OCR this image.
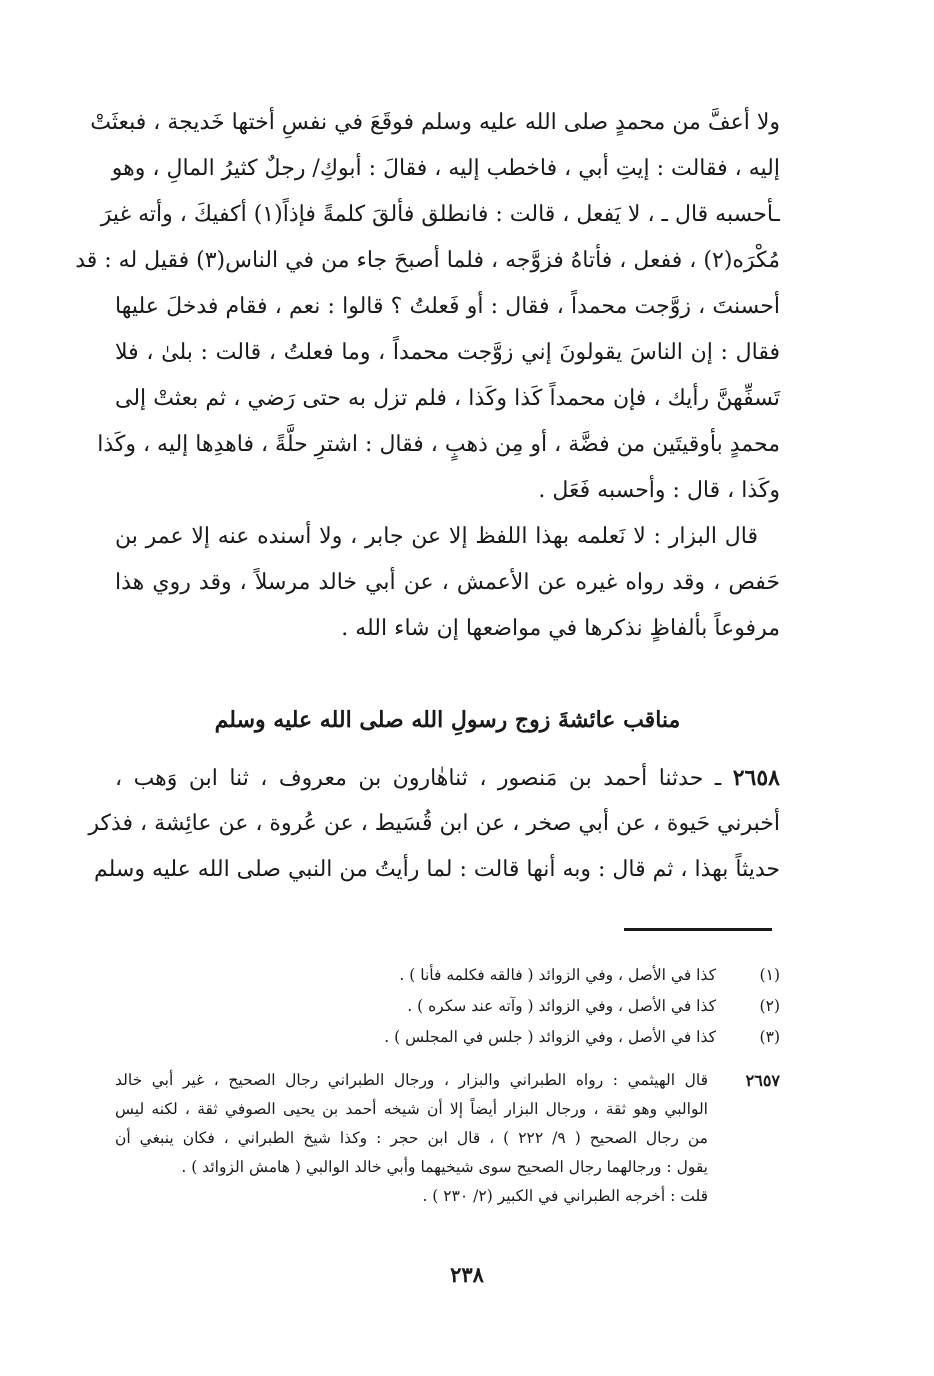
ولا أعفَّ من محمدٍ صلى الله عليه وسلم فوقَعَ في نفسِ أختها خَديجة ، فبعثَتْ
إليه ، فقالت : إيتِ أبي ، فاخطب إليه ، فقالَ : أبوكِ/ رجلٌ كثيرُ المالِ ، وهو
ـأحسبه قال ـ ، لا يَفعل ، قالت : فانطلق فألقَ كلمةً فإذاً(١) أكفيكَ ، وأته غيرَ
مُكْرَه(٢) ، ففعل ، فأتاهُ فزوَّجه ، فلما أصبحَ جاء من في الناس(٣) فقيل له : قد
أحسنتَ ، زوَّجت محمداً ، فقال : أو فَعلتُ ؟ قالوا : نعم ، فقام فدخلَ عليها
فقال : إن الناسَ يقولونَ إني زوَّجت محمداً ، وما فعلتُ ، قالت : بلىٰ ، فلا
تَسفِّهنَّ رأيك ، فإن محمداً كَذا وكَذا ، فلم تزل به حتى رَضي ، ثم بعثتْ إلى
محمدٍ بأوقيتَين من فضَّة ، أو مِن ذهبٍ ، فقال : اشترِ حلَّةً ، فاهدِها إليه ، وكَذا
وكَذا ، قال : وأحسبه فَعَل .
قال البزار : لا نَعلمه بهذا اللفظ إلا عن جابر ، ولا أسنده عنه إلا عمر بن
حَفص ، وقد رواه غيره عن الأعمش ، عن أبي خالد مرسلاً ، وقد روي هذا
مرفوعاً بألفاظٍ نذكرها في مواضعها إن شاء الله .
مناقب عائشةَ زوج رسولِ الله صلى الله عليه وسلم
٢٦٥٨ ـ حدثنا أحمد بن مَنصور ، ثناهٰارون بن معروف ، ثنا ابن وَهب ،
أخبرني حَيوة ، عن أبي صخر ، عن ابن قُسَيط ، عن عُروة ، عن عائِشة ، فذكر
حديثاً بهذا ، ثم قال : وبه أنها قالت : لما رأيتُ من النبي صلى الله عليه وسلم
(١)
كذا في الأصل ، وفي الزوائد ( فالقه فكلمه فأنا ) .
(٢)
كذا في الأصل ، وفي الزوائد ( وآته عند سكره ) .
(٣)
كذا في الأصل ، وفي الزوائد ( جلس في المجلس ) .
٢٦٥٧
قال الهيثمي : رواه الطبراني والبزار ، ورجال الطبراني رجال الصحيح ، غير أبي خالد
الوالبي وهو ثقة ، ورجال البزار أيضاً إلا أن شيخه أحمد بن يحيى الصوفي ثقة ، لكنه ليس
من رجال الصحيح ( ٩/ ٢٢٢ ) ، قال ابن حجر : وكذا شيخ الطبراني ، فكان ينبغي أن
يقول : ورجالهما رجال الصحيح سوى شيخيهما وأبي خالد الوالبي ( هامش الزوائد ) .
قلت : أخرجه الطبراني في الكبير (٢/ ٢٣٠ ) .
٢٣٨
